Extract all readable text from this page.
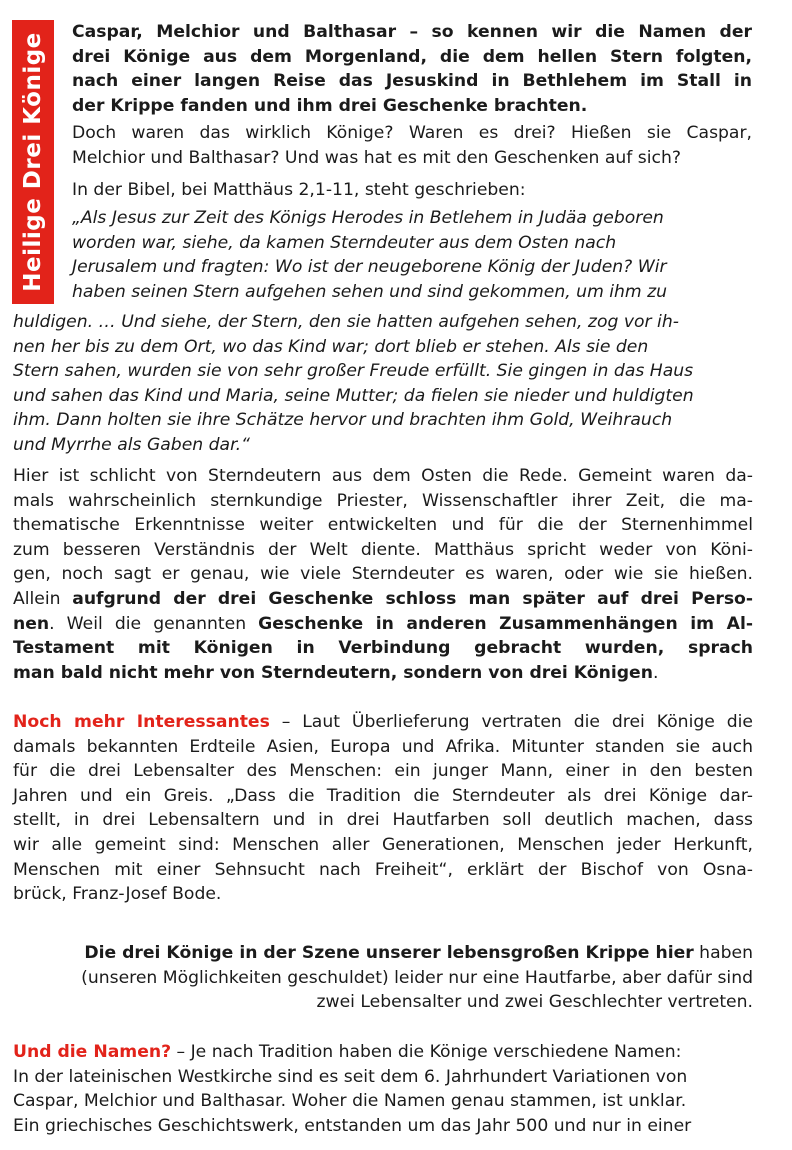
Heilige Drei Könige
Caspar, Melchior und Balthasar – so kennen wir die Namen der
drei Könige aus dem Morgenland, die dem hellen Stern folgten,
nach einer langen Reise das Jesuskind in Bethlehem im Stall in
der Krippe fanden und ihm drei Geschenke brachten.
Doch waren das wirklich Könige? Waren es drei? Hießen sie Caspar,
Melchior und Balthasar? Und was hat es mit den Geschenken auf sich?
In der Bibel, bei Matthäus 2,1-11, steht geschrieben:
„Als Jesus zur Zeit des Königs Herodes in Betlehem in Judäa geboren
worden war, siehe, da kamen Sterndeuter aus dem Osten nach
Jerusalem und fragten: Wo ist der neugeborene König der Juden? Wir
haben seinen Stern aufgehen sehen und sind gekommen, um ihm zu
huldigen. … Und siehe, der Stern, den sie hatten aufgehen sehen, zog vor ih-
nen her bis zu dem Ort, wo das Kind war; dort blieb er stehen. Als sie den
Stern sahen, wurden sie von sehr großer Freude erfüllt. Sie gingen in das Haus
und sahen das Kind und Maria, seine Mutter; da fielen sie nieder und huldigten
ihm. Dann holten sie ihre Schätze hervor und brachten ihm Gold, Weihrauch
und Myrrhe als Gaben dar.“
Hier ist schlicht von Sterndeutern aus dem Osten die Rede. Gemeint waren da-
mals wahrscheinlich sternkundige Priester, Wissenschaftler ihrer Zeit, die ma-
thematische Erkenntnisse weiter entwickelten und für die der Sternenhimmel
zum besseren Verständnis der Welt diente. Matthäus spricht weder von Köni-
gen, noch sagt er genau, wie viele Sterndeuter es waren, oder wie sie hießen.
Allein aufgrund der drei Geschenke schloss man später auf drei Perso-
nen. Weil die genannten Geschenke in anderen Zusammenhängen im Al-
Testament mit Königen in Verbindung gebracht wurden, sprach
man bald nicht mehr von Sterndeutern, sondern von drei Königen.
Noch mehr Interessantes – Laut Überlieferung vertraten die drei Könige die
damals bekannten Erdteile Asien, Europa und Afrika. Mitunter standen sie auch
für die drei Lebensalter des Menschen: ein junger Mann, einer in den besten
Jahren und ein Greis. „Dass die Tradition die Sterndeuter als drei Könige dar-
stellt, in drei Lebensaltern und in drei Hautfarben soll deutlich machen, dass
wir alle gemeint sind: Menschen aller Generationen, Menschen jeder Herkunft,
Menschen mit einer Sehnsucht nach Freiheit“, erklärt der Bischof von Osna-
brück, Franz-Josef Bode.
Die drei Könige in der Szene unserer lebensgroßen Krippe hier haben
(unseren Möglichkeiten geschuldet) leider nur eine Hautfarbe, aber dafür sind
zwei Lebensalter und zwei Geschlechter vertreten.
Und die Namen? – Je nach Tradition haben die Könige verschiedene Namen:
In der lateinischen Westkirche sind es seit dem 6. Jahrhundert Variationen von
Caspar, Melchior und Balthasar. Woher die Namen genau stammen, ist unklar.
Ein griechisches Geschichtswerk, entstanden um das Jahr 500 und nur in einer
